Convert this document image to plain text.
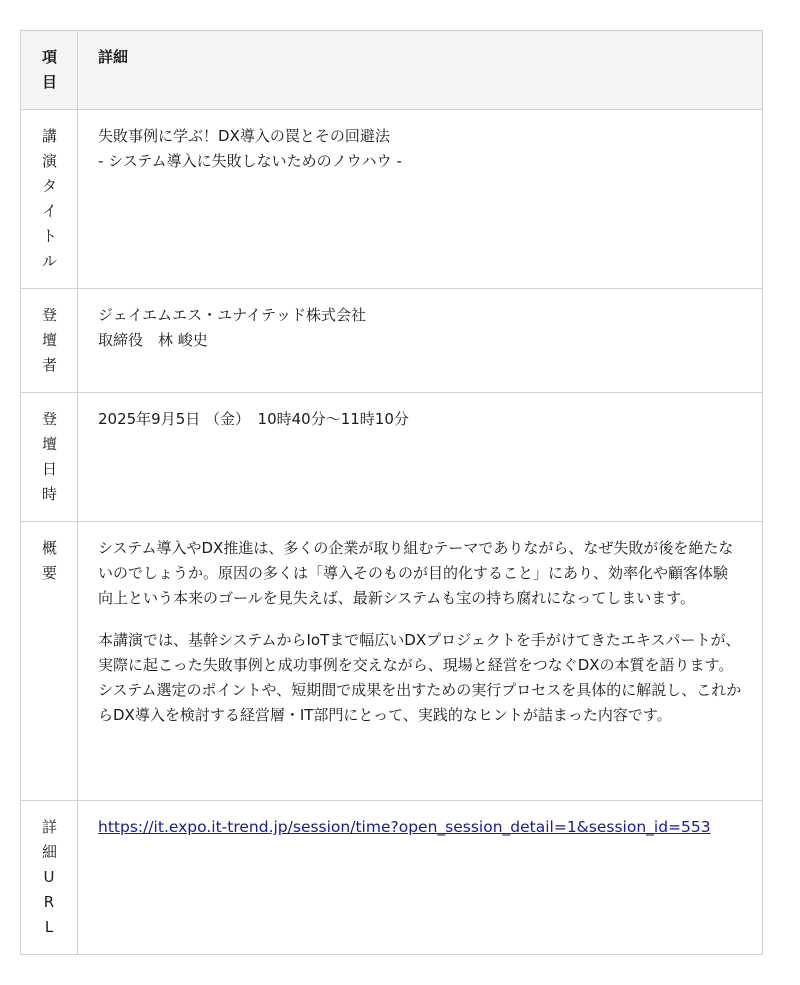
項目	詳細

講演タイトル	失敗事例に学ぶ！DX導入の罠とその回避法
- システム導入に失敗しないためのノウハウ -

登壇者	ジェイエムエス・ユナイテッド株式会社
取締役　林 峻史

登壇日時	2025年9月5日 （金）　10時40分～11時10分

概要	システム導入やDX推進は、多くの企業が取り組むテーマでありながら、なぜ失敗が後を絶たないのでしょうか。原因の多くは「導入そのものが目的化すること」にあり、効率化や顧客体験向上という本来のゴールを見失えば、最新システムも宝の持ち腐れになってしまいます。
本講演では、基幹システムからIoTまで幅広いDXプロジェクトを手がけてきたエキスパートが、実際に起こった失敗事例と成功事例を交えながら、現場と経営をつなぐDXの本質を語ります。システム選定のポイントや、短期間で成果を出すための実行プロセスを具体的に解説し、これからDX導入を検討する経営層・IT部門にとって、実践的なヒントが詰まった内容です。

詳細URL	https://it.expo.it-trend.jp/session/time?open_session_detail=1&session_id=553
